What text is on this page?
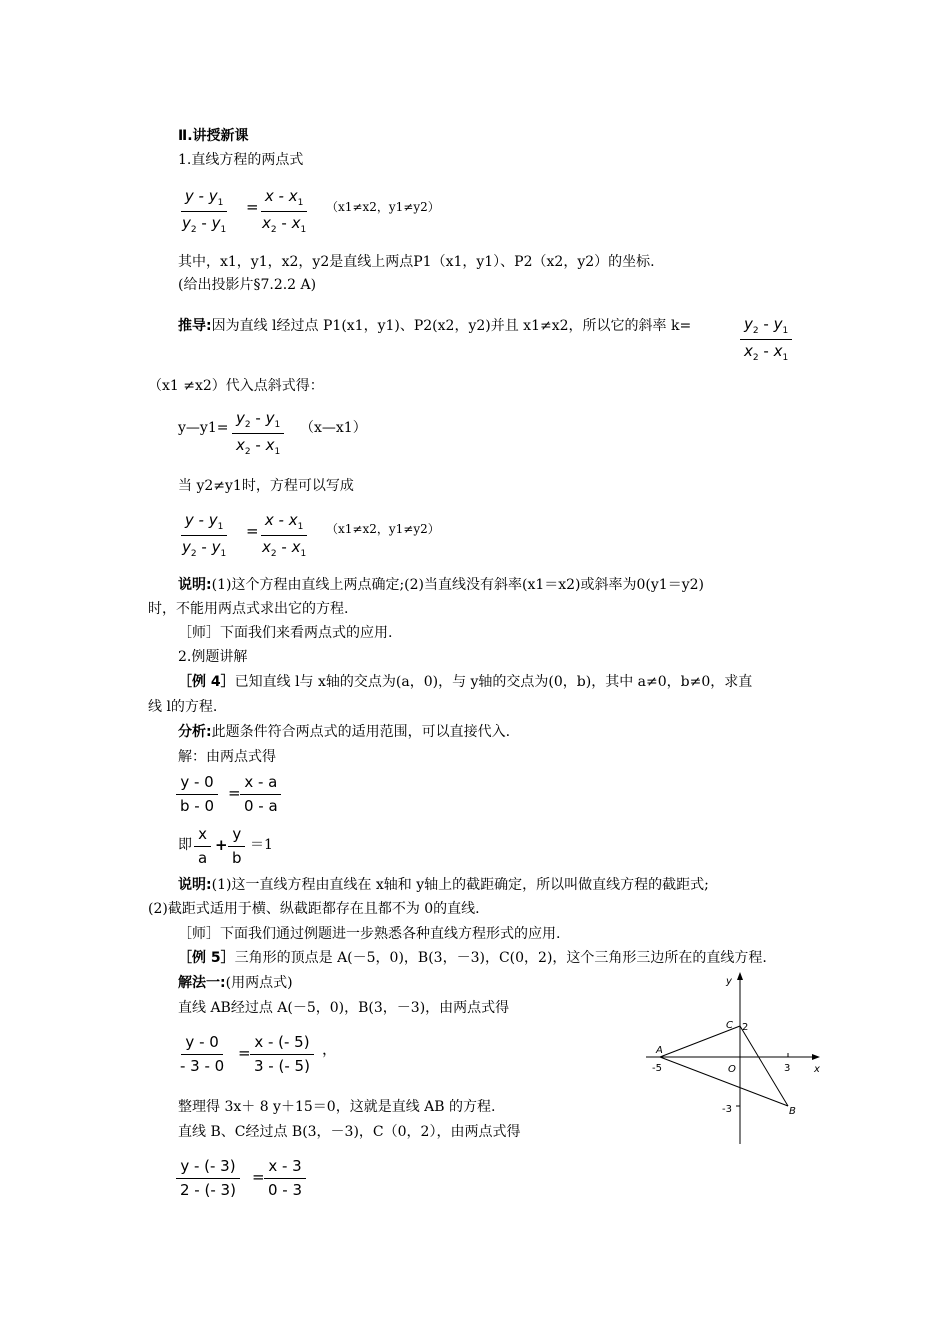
Ⅱ.讲授新课
1.直线方程的两点式
$\frac{y - y_1}{y_2 - y_1} = \frac{x - x_1}{x_2 - x_1} (x1\ne x2$，y1≠y2）
其中，x1，y1，x2，y2是直线上两点P1（x1，y1）、P2（x2，y2）的坐标.
(给出投影片§7.2.2 A)
推导:因为直线 l经过点 P1(x1，y1)、P2(x2，y2)并且 x1≠x2，所以它的斜率 k=	$\frac{y_2 - y_1}{x_2 - x_1}$
（x1 ≠x2）代入点斜式得：
y—y1= $\frac{y_2 - y_1}{x_2 - x_1}$ （x—x1）
当 y2≠y1时，方程可以写成
$\frac{y - y_1}{y_2 - y_1} = \frac{x - x_1}{x_2 - x_1} (x1\ne x2$，y1≠y2）
说明:(1)这个方程由直线上两点确定;(2)当直线没有斜率(x1＝x2)或斜率为0(y1＝y2)
时，不能用两点式求出它的方程.
［师］下面我们来看两点式的应用.
2.例题讲解
［例 4］已知直线 l与 x轴的交点为(a，0)，与 y轴的交点为(0，b)，其中 a≠0，b≠0，求直
线 l的方程.
分析:此题条件符合两点式的适用范围，可以直接代入.
解：由两点式得
$\frac{y - 0}{b - 0} = \frac{x - a}{0 - a}$
即 $\frac{x}{a} + \frac{y}{b} =1$
说明:(1)这一直线方程由直线在 x轴和 y轴上的截距确定，所以叫做直线方程的截距式;
(2)截距式适用于横、纵截距都存在且都不为 0的直线.
［师］下面我们通过例题进一步熟悉各种直线方程形式的应用.
［例 5］三角形的顶点是 A(－5，0)，B(3，－3)，C(0，2)，这个三角形三边所在的直线方程.
解法一:(用两点式)
直线 AB经过点 A(－5，0)，B(3，－3)，由两点式得
$\frac{y - 0}{- 3 - 0} = \frac{x - (- 5)}{3 - (- 5)}$ ，
整理得 3x＋ 8 y＋15＝0，这就是直线 AB 的方程.
直线 B、C经过点 B(3，－3)，C（0，2），由两点式得
$\frac{y - (- 3)}{2 - (- 3)} = \frac{x - 3}{0 - 3}$
y
x
A
B
C
O
-5	3
2
-3
